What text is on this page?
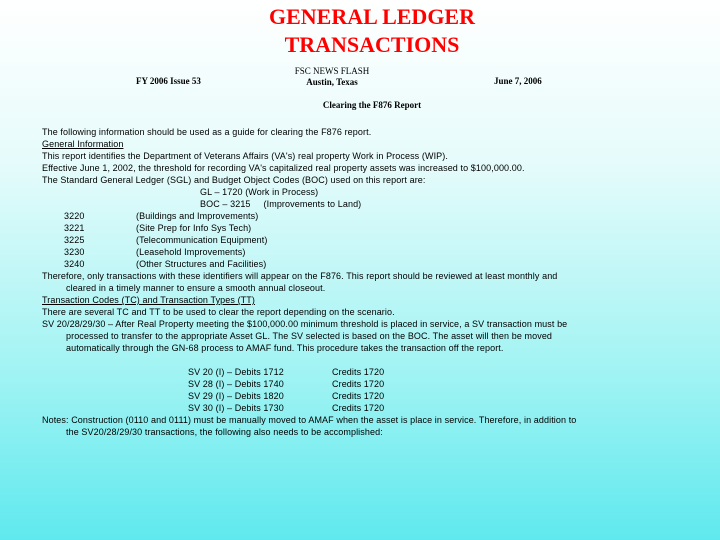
GENERAL LEDGER
TRANSACTIONS
FY 2006 Issue 53
FSC NEWS FLASH
Austin, Texas	June 7, 2006
Clearing the F876 Report
The following information should be used as a guide for clearing the F876 report.
General Information
This report identifies the Department of Veterans Affairs (VA's) real property Work in Process (WIP).
Effective June 1, 2002, the threshold for recording VA's capitalized real property assets was increased to $100,000.00.
The Standard General Ledger (SGL) and Budget Object Codes (BOC) used on this report are:
GL – 1720 (Work in Process)
BOC – 3215     (Improvements to Land)
3220	(Buildings and Improvements)
3221	(Site Prep for Info Sys Tech)
3225	(Telecommunication Equipment)
3230	(Leasehold Improvements)
3240	(Other Structures and Facilities)
Therefore, only transactions with these identifiers will appear on the F876. This report should be reviewed at least monthly and
cleared in a timely manner to ensure a smooth annual closeout.
Transaction Codes (TC) and Transaction Types (TT)
There are several TC and TT to be used to clear the report depending on the scenario.
SV 20/28/29/30 – After Real Property meeting the $100,000.00 minimum threshold is placed in service, a SV transaction must be
processed to transfer to the appropriate Asset GL. The SV selected is based on the BOC. The asset will then be moved
automatically through the GN-68 process to AMAF fund. This procedure takes the transaction off the report.
SV 20 (I) – Debits 1712	Credits 1720
SV 28 (I) – Debits 1740	Credits 1720
SV 29 (I) – Debits 1820	Credits 1720
SV 30 (I) – Debits 1730	Credits 1720
Notes: Construction (0110 and 0111) must be manually moved to AMAF when the asset is place in service. Therefore, in addition to
the SV20/28/29/30 transactions, the following also needs to be accomplished:
